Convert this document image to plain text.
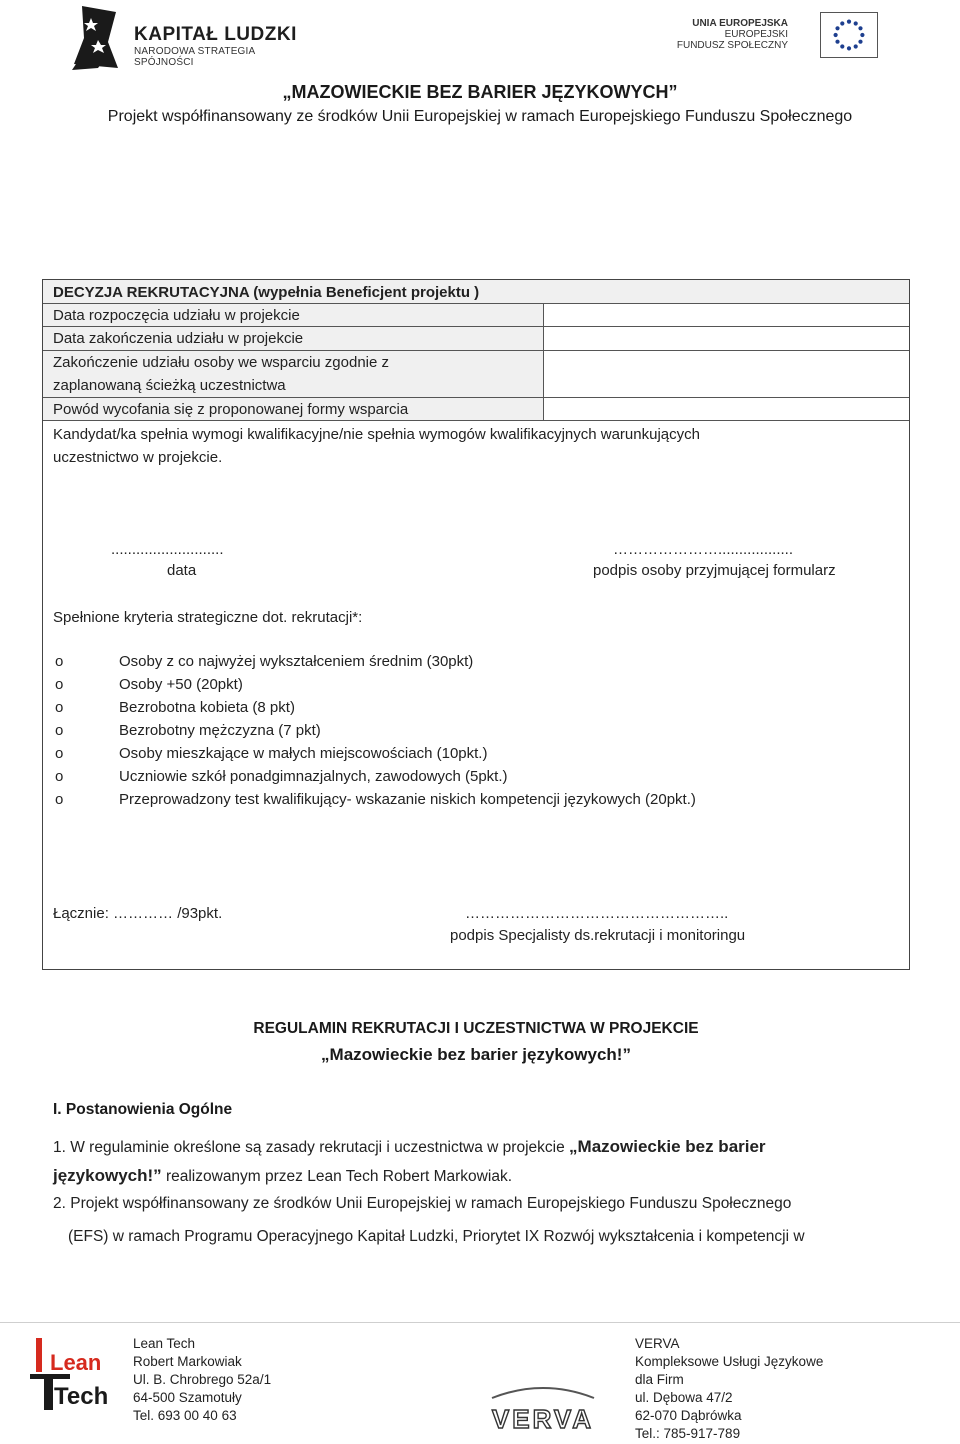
KAPITAŁ LUDZKI
NARODOWA STRATEGIA SPÓJNOŚCI
UNIA EUROPEJSKA
EUROPEJSKI
FUNDUSZ SPOŁECZNY
„MAZOWIECKIE BEZ BARIER JĘZYKOWYCH”
Projekt współfinansowany ze środków Unii Europejskiej w ramach Europejskiego Funduszu Społecznego
DECYZJA REKRUTACYJNA (wypełnia Beneficjent projektu )
Data rozpoczęcia udziału w projekcie
Data zakończenia udziału w projekcie
Zakończenie udziału osoby we wsparciu zgodnie z
zaplanowaną ścieżką uczestnictwa
Powód wycofania się z proponowanej formy wsparcia
Kandydat/ka spełnia wymogi kwalifikacyjne/nie spełnia wymogów kwalifikacyjnych warunkujących
uczestnictwo w projekcie.
...........................
data
…………………..................
podpis osoby przyjmującej formularz
Spełnione kryteria strategiczne dot. rekrutacji*:
o	Osoby z co najwyżej wykształceniem średnim (30pkt)
o	Osoby +50 (20pkt)
o	Bezrobotna kobieta (8 pkt)
o	Bezrobotny mężczyzna (7 pkt)
o	Osoby mieszkające w małych miejscowościach (10pkt.)
o	Uczniowie szkół ponadgimnazjalnych, zawodowych (5pkt.)
o	Przeprowadzony test kwalifikujący- wskazanie niskich kompetencji językowych (20pkt.)
Łącznie: ………… /93pkt.	……………………………………………..
podpis Specjalisty ds.rekrutacji i monitoringu
REGULAMIN REKRUTACJI I UCZESTNICTWA W PROJEKCIE
„Mazowieckie bez barier językowych!”
I. Postanowienia Ogólne
1. W regulaminie określone są zasady rekrutacji i uczestnictwa w projekcie „Mazowieckie bez barier
językowych!” realizowanym przez Lean Tech Robert Markowiak.
2. Projekt współfinansowany ze środków Unii Europejskiej w ramach Europejskiego Funduszu Społecznego
(EFS) w ramach Programu Operacyjnego Kapitał Ludzki, Priorytet IX Rozwój wykształcenia i kompetencji w
Lean
Tech
Lean Tech
Robert Markowiak
Ul. B. Chrobrego 52a/1
64-500 Szamotuły
Tel. 693 00 40 63	VERVA
VERVA
Kompleksowe Usługi Językowe
dla Firm
ul. Dębowa 47/2
62-070 Dąbrówka
Tel.: 785-917-789
